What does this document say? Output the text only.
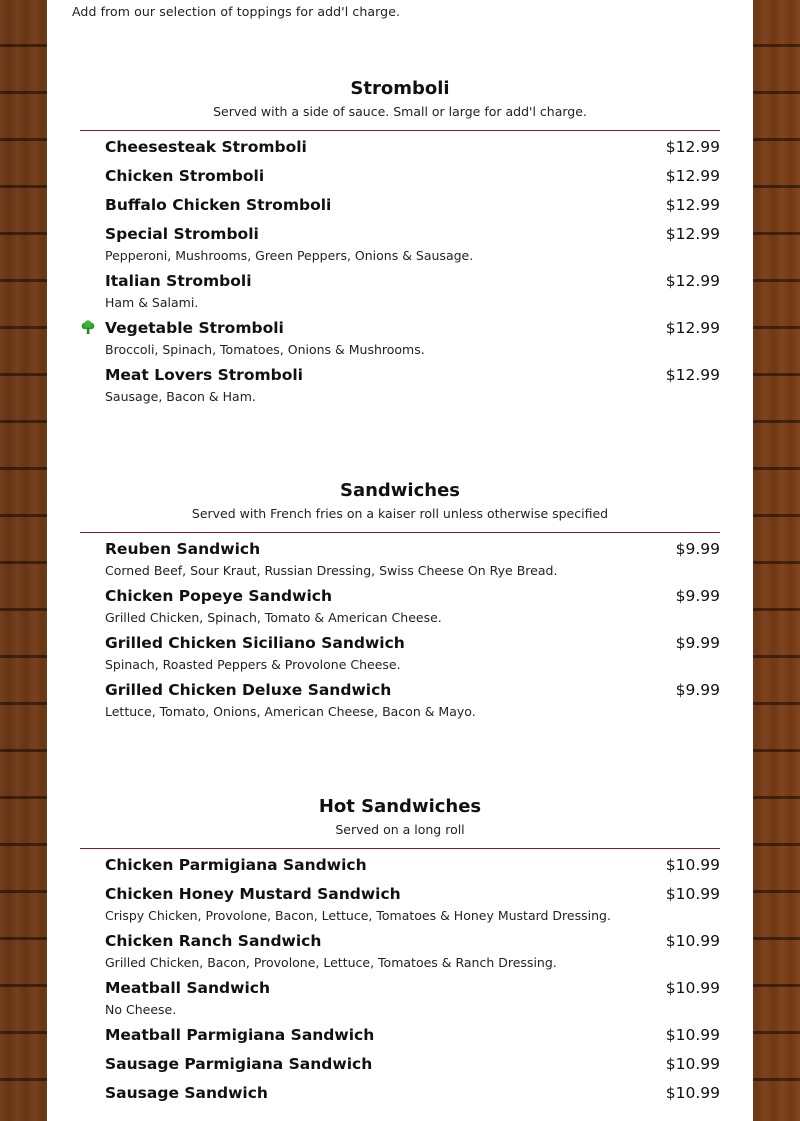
Add from our selection of toppings for add'l charge.
Stromboli
Served with a side of sauce. Small or large for add'l charge.
Cheesesteak Stromboli	$12.99
Chicken Stromboli	$12.99
Buffalo Chicken Stromboli	$12.99
Special Stromboli	$12.99
Pepperoni, Mushrooms, Green Peppers, Onions & Sausage.
Italian Stromboli	$12.99
Ham & Salami.
Vegetable Stromboli	$12.99
Broccoli, Spinach, Tomatoes, Onions & Mushrooms.
Meat Lovers Stromboli	$12.99
Sausage, Bacon & Ham.
Sandwiches
Served with French fries on a kaiser roll unless otherwise specified
Reuben Sandwich	$9.99
Corned Beef, Sour Kraut, Russian Dressing, Swiss Cheese On Rye Bread.
Chicken Popeye Sandwich	$9.99
Grilled Chicken, Spinach, Tomato & American Cheese.
Grilled Chicken Siciliano Sandwich	$9.99
Spinach, Roasted Peppers & Provolone Cheese.
Grilled Chicken Deluxe Sandwich	$9.99
Lettuce, Tomato, Onions, American Cheese, Bacon & Mayo.
Hot Sandwiches
Served on a long roll
Chicken Parmigiana Sandwich	$10.99
Chicken Honey Mustard Sandwich	$10.99
Crispy Chicken, Provolone, Bacon, Lettuce, Tomatoes & Honey Mustard Dressing.
Chicken Ranch Sandwich	$10.99
Grilled Chicken, Bacon, Provolone, Lettuce, Tomatoes & Ranch Dressing.
Meatball Sandwich	$10.99
No Cheese.
Meatball Parmigiana Sandwich	$10.99
Sausage Parmigiana Sandwich	$10.99
Sausage Sandwich	$10.99
